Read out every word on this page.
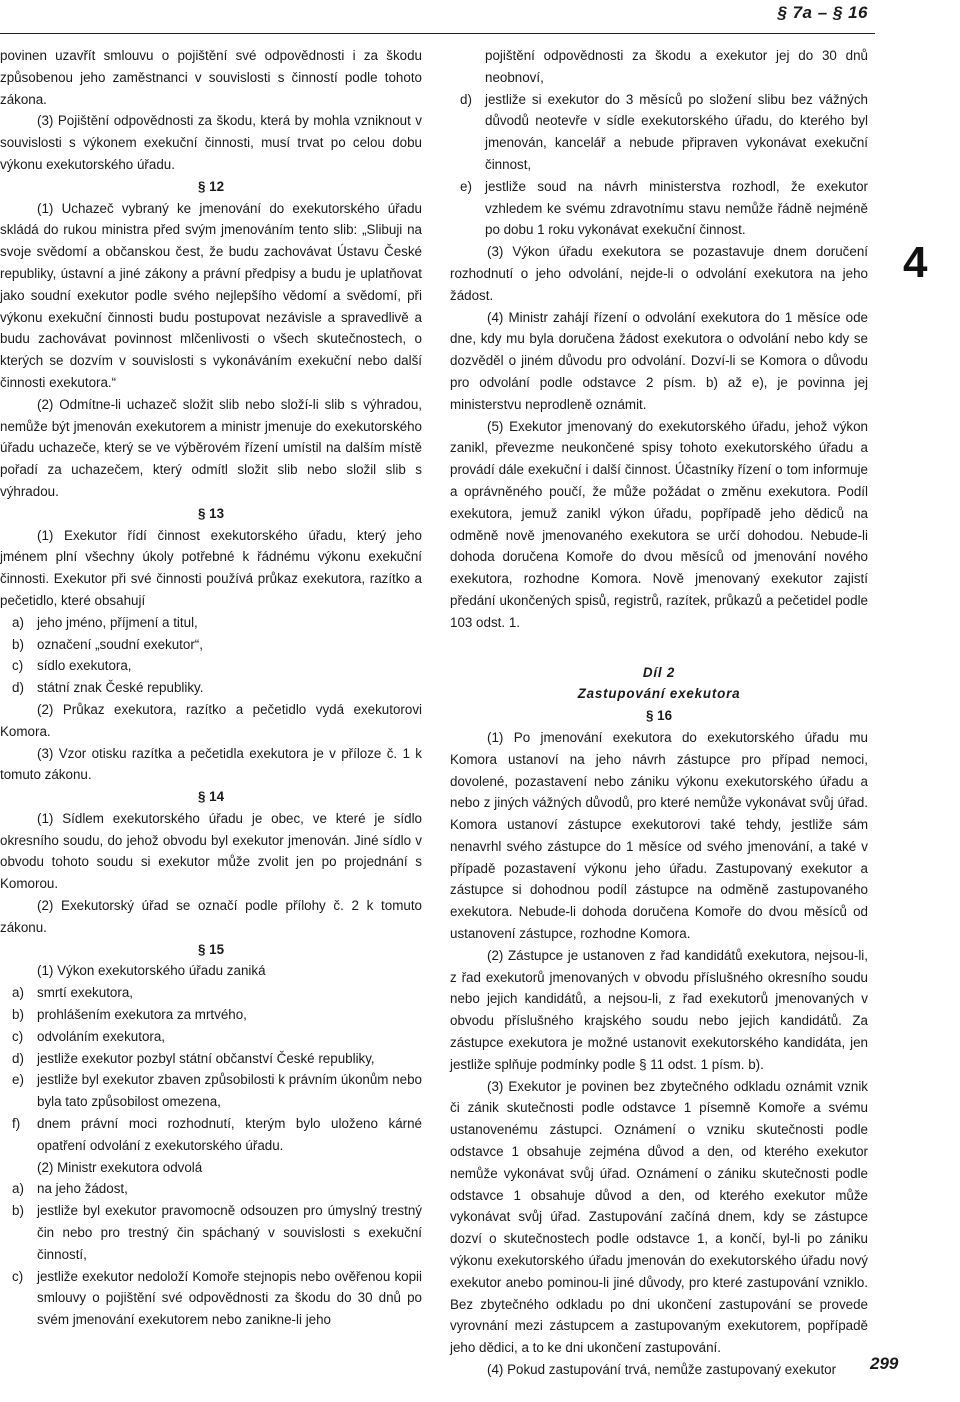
§ 7a – § 16

povinen uzavřít smlouvu o pojištění své odpovědnosti i za škodu způsobenou jeho zaměstnanci v souvislosti s činností podle tohoto zákona.

(3) Pojištění odpovědnosti za škodu, která by mohla vzniknout v souvislosti s výkonem exekuční činnosti, musí trvat po celou dobu výkonu exekutorského úřadu.

§ 12

(1) Uchazeč vybraný ke jmenování do exekutorského úřadu skládá do rukou ministra před svým jmenováním tento slib: „Slibuji na svoje svědomí a občanskou čest, že budu zachovávat Ústavu České republiky, ústavní a jiné zákony a právní předpisy a budu je uplatňovat jako soudní exekutor podle svého nejlepšího vědomí a svědomí, při výkonu exekuční činnosti budu postupovat nezávisle a spravedlivě a budu zachovávat povinnost mlčenlivosti o všech skutečnostech, o kterých se dozvím v souvislosti s vykonáváním exekuční nebo další činnosti exekutora.“

(2) Odmítne-li uchazeč složit slib nebo složí-li slib s výhradou, nemůže být jmenován exekutorem a ministr jmenuje do exekutorského úřadu uchazeče, který se ve výběrovém řízení umístil na dalším místě pořadí za uchazečem, který odmítl složit slib nebo složil slib s výhradou.

§ 13

(1) Exekutor řídí činnost exekutorského úřadu, který jeho jménem plní všechny úkoly potřebné k řádnému výkonu exekuční činnosti. Exekutor při své činnosti používá průkaz exekutora, razítko a pečetidlo, které obsahují

a) jeho jméno, příjmení a titul,
b) označení „soudní exekutor“,
c) sídlo exekutora,
d) státní znak České republiky.

(2) Průkaz exekutora, razítko a pečetidlo vydá exekutorovi Komora.

(3) Vzor otisku razítka a pečetidla exekutora je v příloze č. 1 k tomuto zákonu.

§ 14

(1) Sídlem exekutorského úřadu je obec, ve které je sídlo okresního soudu, do jehož obvodu byl exekutor jmenován. Jiné sídlo v obvodu tohoto soudu si exekutor může zvolit jen po projednání s Komorou.

(2) Exekutorský úřad se označí podle přílohy č. 2 k tomuto zákonu.

§ 15

(1) Výkon exekutorského úřadu zaniká

a) smrtí exekutora,
b) prohlášením exekutora za mrtvého,
c) odvoláním exekutora,
d) jestliže exekutor pozbyl státní občanství České republiky,
e) jestliže byl exekutor zbaven způsobilosti k právním úkonům nebo byla tato způsobilost omezena,
f) dnem právní moci rozhodnutí, kterým bylo uloženo kárné opatření odvolání z exekutorského úřadu.

(2) Ministr exekutora odvolá

a) na jeho žádost,
b) jestliže byl exekutor pravomocně odsouzen pro úmyslný trestný čin nebo pro trestný čin spáchaný v souvislosti s exekuční činností,
c) jestliže exekutor nedoloží Komoře stejnopis nebo ověřenou kopii smlouvy o pojištění své odpovědnosti za škodu do 30 dnů po svém jmenování exekutorem nebo zanikne-li jeho
pojištění odpovědnosti za škodu a exekutor jej do 30 dnů neobnoví,
d) jestliže si exekutor do 3 měsíců po složení slibu bez vážných důvodů neotevře v sídle exekutorského úřadu, do kterého byl jmenován, kancelář a nebude připraven vykonávat exekuční činnost,
e) jestliže soud na návrh ministerstva rozhodl, že exekutor vzhledem ke svému zdravotnímu stavu nemůže řádně nejméně po dobu 1 roku vykonávat exekuční činnost.

(3) Výkon úřadu exekutora se pozastavuje dnem doručení rozhodnutí o jeho odvolání, nejde-li o odvolání exekutora na jeho žádost.

(4) Ministr zahájí řízení o odvolání exekutora do 1 měsíce ode dne, kdy mu byla doručena žádost exekutora o odvolání nebo kdy se dozvěděl o jiném důvodu pro odvolání. Dozví-li se Komora o důvodu pro odvolání podle odstavce 2 písm. b) až e), je povinna jej ministerstvu neprodleně oznámit.

(5) Exekutor jmenovaný do exekutorského úřadu, jehož výkon zanikl, převezme neukončené spisy tohoto exekutorského úřadu a provádí dále exekuční i další činnost. Účastníky řízení o tom informuje a oprávněného poučí, že může požádat o změnu exekutora. Podíl exekutora, jemuž zanikl výkon úřadu, popřípadě jeho dědiců na odměně nově jmenovaného exekutora se určí dohodou. Nebude-li dohoda doručena Komoře do dvou měsíců od jmenování nového exekutora, rozhodne Komora. Nově jmenovaný exekutor zajistí předání ukončených spisů, registrů, razítek, průkazů a pečetidel podle 103 odst. 1.

Díl 2

Zastupování exekutora

§ 16

(1) Po jmenování exekutora do exekutorského úřadu mu Komora ustanoví na jeho návrh zástupce pro případ nemoci, dovolené, pozastavení nebo zániku výkonu exekutorského úřadu a nebo z jiných vážných důvodů, pro které nemůže vykonávat svůj úřad. Komora ustanoví zástupce exekutorovi také tehdy, jestliže sám nenavrhl svého zástupce do 1 měsíce od svého jmenování, a také v případě pozastavení výkonu jeho úřadu. Zastupovaný exekutor a zástupce si dohodnou podíl zástupce na odměně zastupovaného exekutora. Nebude-li dohoda doručena Komoře do dvou měsíců od ustanovení zástupce, rozhodne Komora.

(2) Zástupce je ustanoven z řad kandidátů exekutora, nejsou-li, z řad exekutorů jmenovaných v obvodu příslušného okresního soudu nebo jejich kandidátů, a nejsou-li, z řad exekutorů jmenovaných v obvodu příslušného krajského soudu nebo jejich kandidátů. Za zástupce exekutora je možné ustanovit exekutorského kandidáta, jen jestliže splňuje podmínky podle § 11 odst. 1 písm. b).

(3) Exekutor je povinen bez zbytečného odkladu oznámit vznik či zánik skutečnosti podle odstavce 1 písemně Komoře a svému ustanovenému zástupci. Oznámení o vzniku skutečnosti podle odstavce 1 obsahuje zejména důvod a den, od kterého exekutor nemůže vykonávat svůj úřad. Oznámení o zániku skutečnosti podle odstavce 1 obsahuje důvod a den, od kterého exekutor může vykonávat svůj úřad. Zastupování začíná dnem, kdy se zástupce dozví o skutečnostech podle odstavce 1, a končí, byl-li po zániku výkonu exekutorského úřadu jmenován do exekutorského úřadu nový exekutor anebo pominou-li jiné důvody, pro které zastupování vzniklo. Bez zbytečného odkladu po dni ukončení zastupování se provede vyrovnání mezi zástupcem a zastupovaným exekutorem, popřípadě jeho dědici, a to ke dni ukončení zastupování.

(4) Pokud zastupování trvá, nemůže zastupovaný exekutor

4
299
